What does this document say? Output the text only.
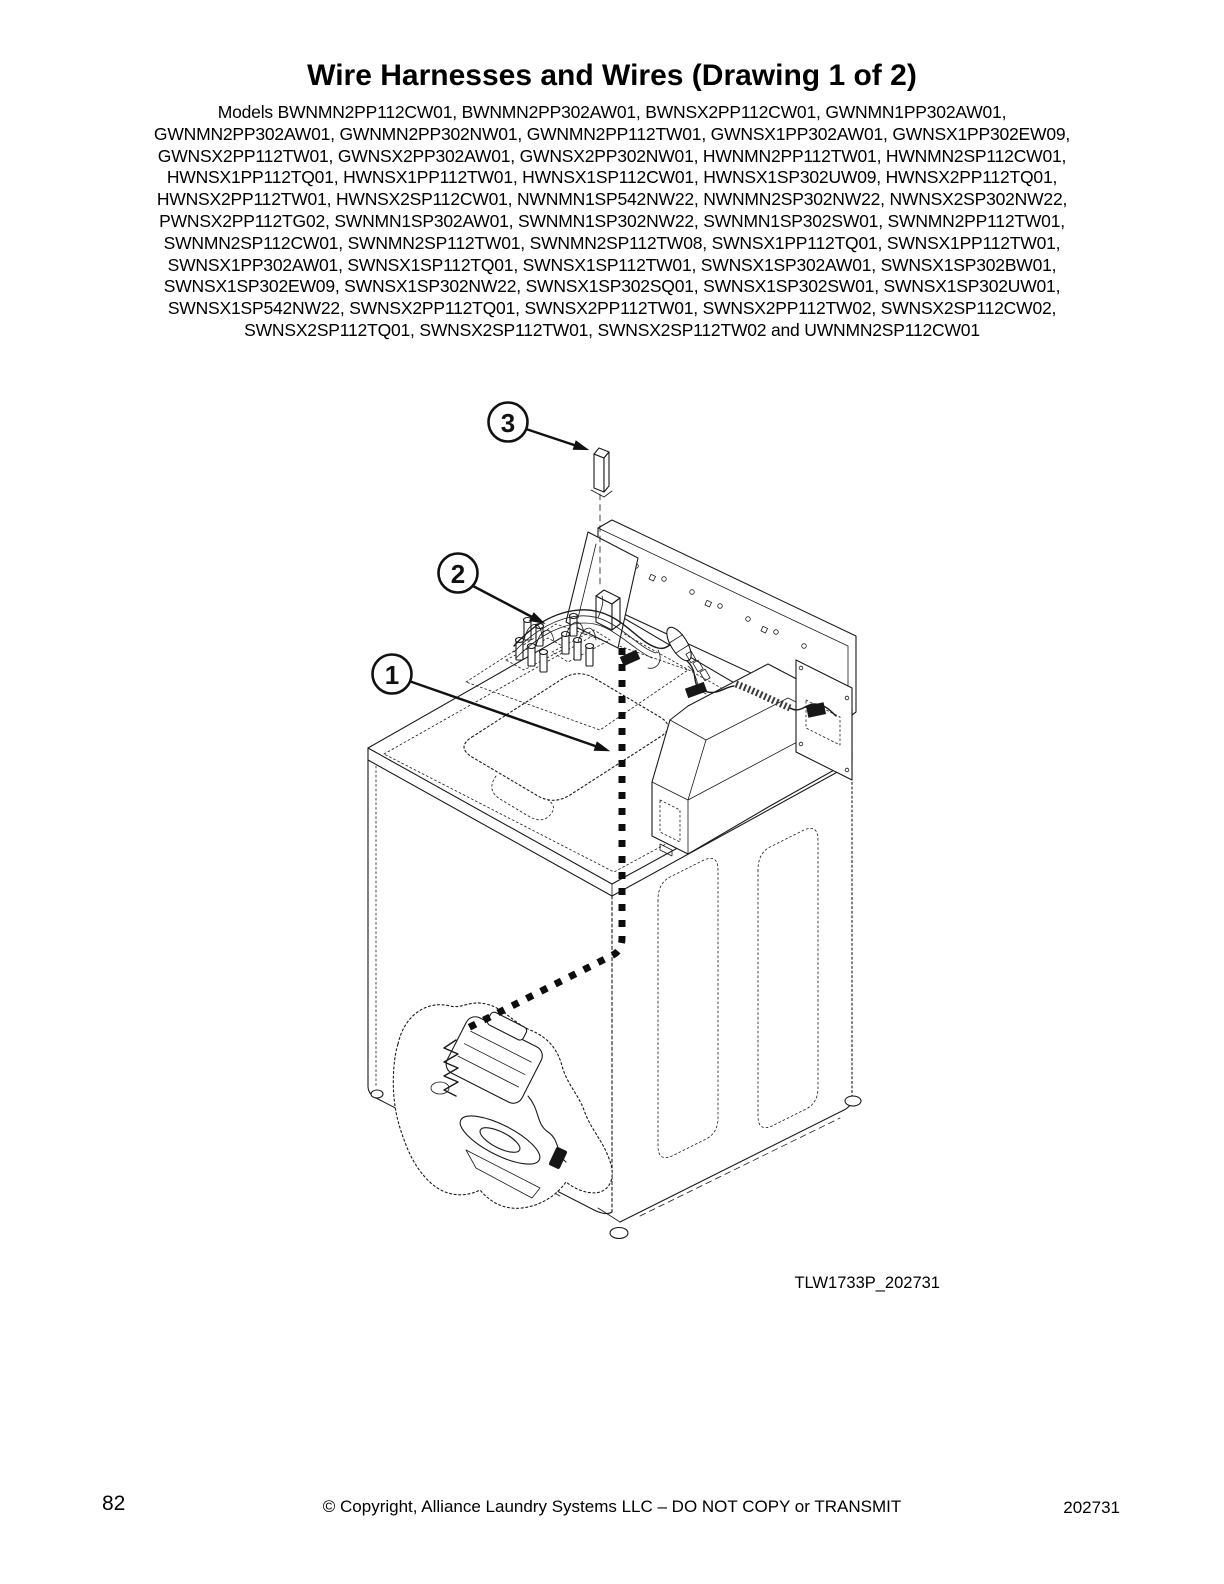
Wire Harnesses and Wires (Drawing 1 of 2)
Models BWNMN2PP112CW01, BWNMN2PP302AW01, BWNSX2PP112CW01, GWNMN1PP302AW01,
GWNMN2PP302AW01, GWNMN2PP302NW01, GWNMN2PP112TW01, GWNSX1PP302AW01, GWNSX1PP302EW09,
GWNSX2PP112TW01, GWNSX2PP302AW01, GWNSX2PP302NW01, HWNMN2PP112TW01, HWNMN2SP112CW01,
HWNSX1PP112TQ01, HWNSX1PP112TW01, HWNSX1SP112CW01, HWNSX1SP302UW09, HWNSX2PP112TQ01,
HWNSX2PP112TW01, HWNSX2SP112CW01, NWNMN1SP542NW22, NWNMN2SP302NW22, NWNSX2SP302NW22,
PWNSX2PP112TG02, SWNMN1SP302AW01, SWNMN1SP302NW22, SWNMN1SP302SW01, SWNMN2PP112TW01,
SWNMN2SP112CW01, SWNMN2SP112TW01, SWNMN2SP112TW08, SWNSX1PP112TQ01, SWNSX1PP112TW01,
SWNSX1PP302AW01, SWNSX1SP112TQ01, SWNSX1SP112TW01, SWNSX1SP302AW01, SWNSX1SP302BW01,
SWNSX1SP302EW09, SWNSX1SP302NW22, SWNSX1SP302SQ01, SWNSX1SP302SW01, SWNSX1SP302UW01,
SWNSX1SP542NW22, SWNSX2PP112TQ01, SWNSX2PP112TW01, SWNSX2PP112TW02, SWNSX2SP112CW02,
SWNSX2SP112TQ01, SWNSX2SP112TW01, SWNSX2SP112TW02 and UWNMN2SP112CW01
3
2
1
TLW1733P_202731
82	© Copyright, Alliance Laundry Systems LLC – DO NOT COPY or TRANSMIT	202731
